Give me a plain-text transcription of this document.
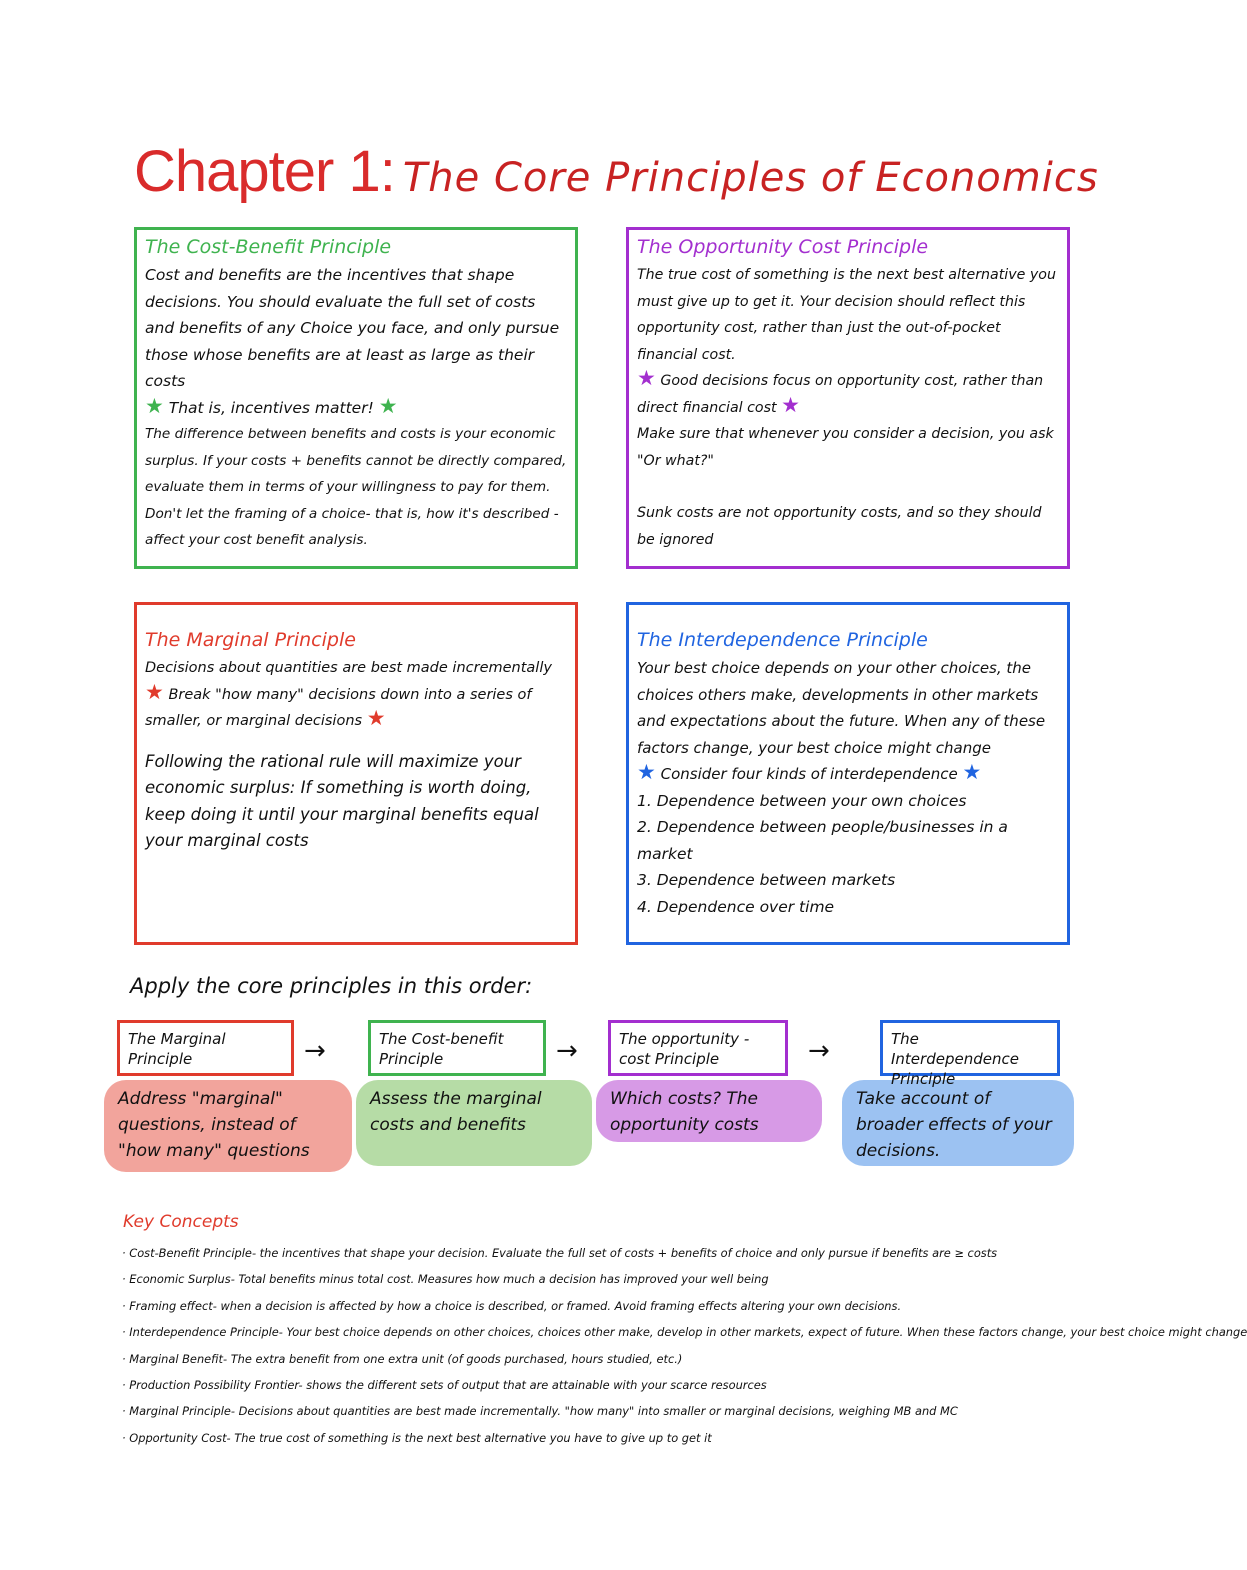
Chapter 1: The Core Principles of Economics
The Cost-Benefit Principle

Cost and benefits are the incentives that shape decisions. You should evaluate the full set of costs and benefits of any Choice you face, and only pursue those whose benefits are at least as large as their costs

★ That is, incentives matter! ★

The difference between benefits and costs is your economic surplus. If your costs + benefits cannot be directly compared, evaluate them in terms of your willingness to pay for them.

Don't let the framing of a choice- that is, how it's described - affect your cost benefit analysis.

The Opportunity Cost Principle

The true cost of something is the next best alternative you must give up to get it. Your decision should reflect this opportunity cost, rather than just the out-of-pocket financial cost.

★ Good decisions focus on opportunity cost, rather than direct financial cost ★

Make sure that whenever you consider a decision, you ask "Or what?"

Sunk costs are not opportunity costs, and so they should be ignored

The Marginal Principle

Decisions about quantities are best made incrementally

★ Break "how many" decisions down into a series of smaller, or marginal decisions ★

Following the rational rule will maximize your economic surplus: If something is worth doing, keep doing it until your marginal benefits equal your marginal costs

The Interdependence Principle

Your best choice depends on your other choices, the choices others make, developments in other markets and expectations about the future. When any of these factors change, your best choice might change

★ Consider four kinds of interdependence ★

1. Dependence between your own choices
2. Dependence between people/businesses in a market
3. Dependence between markets
4. Dependence over time
Apply the core principles in this order:
The Marginal Principle	→	The Cost-benefit Principle	→	The opportunity - cost Principle	→	The Interdependence Principle
Address "marginal" questions, instead of "how many" questions
Assess the marginal costs and benefits
Which costs? The opportunity costs
Take account of broader effects of your decisions.
Key Concepts
· Cost-Benefit Principle- the incentives that shape your decision. Evaluate the full set of costs + benefits of choice and only pursue if benefits are ≥ costs
· Economic Surplus- Total benefits minus total cost. Measures how much a decision has improved your well being
· Framing effect- when a decision is affected by how a choice is described, or framed. Avoid framing effects altering your own decisions.
· Interdependence Principle- Your best choice depends on other choices, choices other make, develop in other markets, expect of future. When these factors change, your best choice might change
· Marginal Benefit- The extra benefit from one extra unit (of goods purchased, hours studied, etc.)
· Production Possibility Frontier- shows the different sets of output that are attainable with your scarce resources
· Marginal Principle- Decisions about quantities are best made incrementally. "how many" into smaller or marginal decisions, weighing MB and MC
· Opportunity Cost- The true cost of something is the next best alternative you have to give up to get it
